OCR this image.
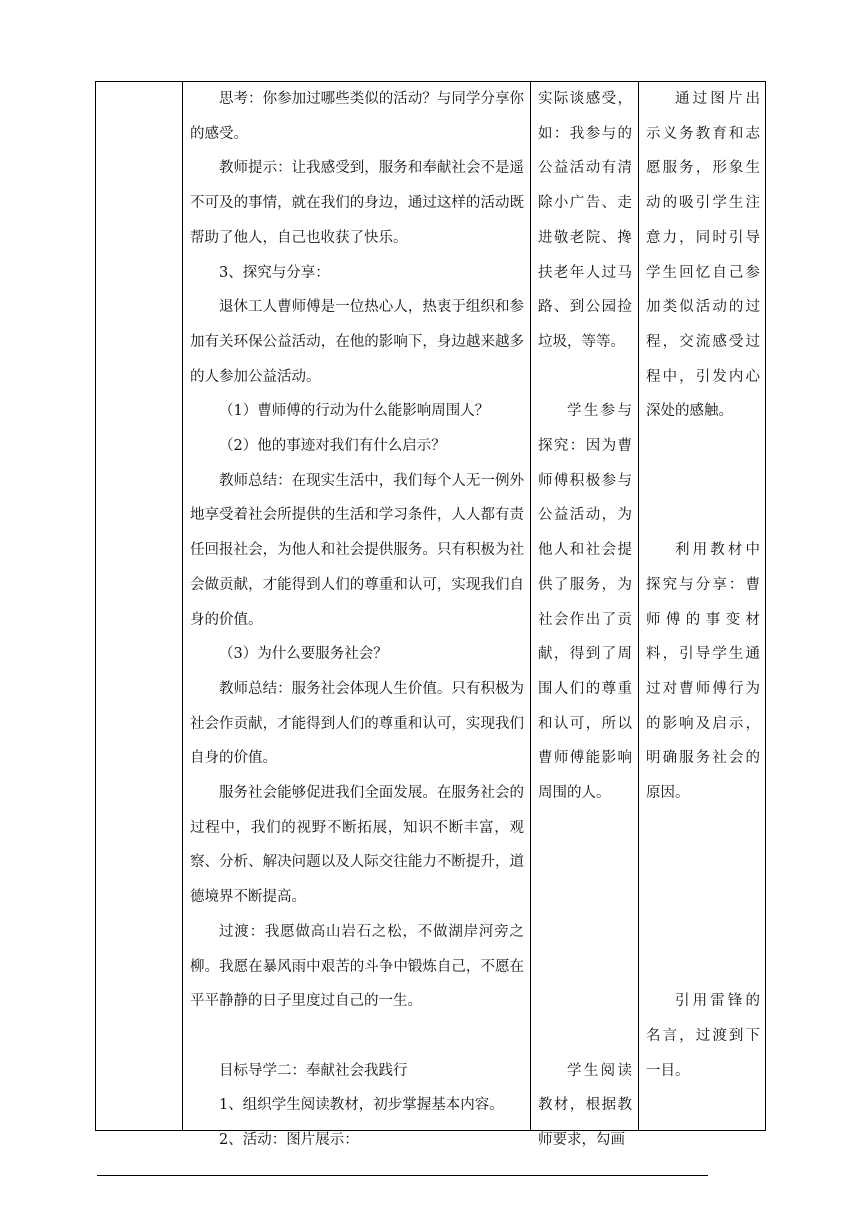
思考：你参加过哪些类似的活动？与同学分享你的感受。

教师提示：让我感受到，服务和奉献社会不是遥不可及的事情，就在我们的身边，通过这样的活动既帮助了他人，自己也收获了快乐。

3、探究与分享：

退休工人曹师傅是一位热心人，热衷于组织和参加有关环保公益活动，在他的影响下，身边越来越多的人参加公益活动。

（1）曹师傅的行动为什么能影响周围人？

（2）他的事迹对我们有什么启示？

教师总结：在现实生活中，我们每个人无一例外地享受着社会所提供的生活和学习条件，人人都有责任回报社会，为他人和社会提供服务。只有积极为社会做贡献，才能得到人们的尊重和认可，实现我们自身的价值。

（3）为什么要服务社会？

教师总结：服务社会体现人生价值。只有积极为社会作贡献，才能得到人们的尊重和认可，实现我们自身的价值。

服务社会能够促进我们全面发展。在服务社会的过程中，我们的视野不断拓展，知识不断丰富，观察、分析、解决问题以及人际交往能力不断提升，道德境界不断提高。

过渡：我愿做高山岩石之松，不做湖岸河旁之柳。我愿在暴风雨中艰苦的斗争中锻炼自己，不愿在平平静静的日子里度过自己的一生。

目标导学二：奉献社会我践行

1、组织学生阅读教材，初步掌握基本内容。

2、活动：图片展示：

实际谈感受，如：我参与的公益活动有清除小广告、走进敬老院、搀扶老年人过马路、到公园捡垃圾，等等。

学生参与探究：因为曹师傅积极参与公益活动，为他人和社会提供了服务，为社会作出了贡献，得到了周围人们的尊重和认可，所以曹师傅能影响周围的人。

学生阅读教材，根据教师要求，勾画

通过图片出示义务教育和志愿服务，形象生动的吸引学生注意力，同时引导学生回忆自己参加类似活动的过程，交流感受过程中，引发内心深处的感触。

利用教材中探究与分享：曹师傅的事变材料，引导学生通过对曹师傅行为的影响及启示，明确服务社会的原因。

引用雷锋的名言，过渡到下一目。
